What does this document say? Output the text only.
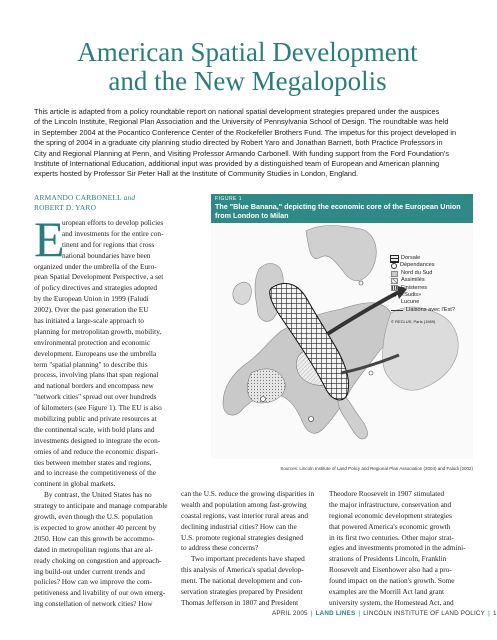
American Spatial Development
and the New Megalopolis
This article is adapted from a policy roundtable report on national spatial development strategies prepared under the auspices
of the Lincoln Institute, Regional Plan Association and the University of Pennsylvania School of Design. The roundtable was held
in September 2004 at the Pocantico Conference Center of the Rockefeller Brothers Fund. The impetus for this project developed in
the spring of 2004 in a graduate city planning studio directed by Robert Yaro and Jonathan Barnett, both Practice Professors in
City and Regional Planning at Penn, and Visiting Professor Armando Carbonell. With funding support from the Ford Foundation's
Institute of International Education, additional input was provided by a distinguished team of European and American planning
experts hosted by Professor Sir Peter Hall at the Institute of Community Studies in London, England.
ARMANDO CARBONELL and
ROBERT D. YARO
E
uropean efforts to develop policies
and investments for the entire con-
tinent and for regions that cross
national boundaries have been
organized under the umbrella of the Euro-
pean Spatial Development Perspective, a set
of policy directives and strategies adopted
by the European Union in 1999 (Faludi
2002). Over the past generation the EU
has initiated a large-scale approach to
planning for metropolitan growth, mobility,
environmental protection and economic
development. Europeans use the umbrella
term "spatial planning" to describe this
process, involving plans that span regional
and national borders and encompass new
"network cities" spread out over hundreds
of kilometers (see Figure 1). The EU is also
mobilizing public and private resources at
the continental scale, with bold plans and
investments designed to integrate the econ-
omies of and reduce the economic dispari-
ties between member states and regions,
and to increase the competitiveness of the
continent in global markets.
By contrast, the United States has no
strategy to anticipate and manage comparable
growth, even though the U.S. population
is expected to grow another 40 percent by
2050. How can this growth be accommo-
dated in metropolitan regions that are al-
ready choking on congestion and approach-
ing build-out under current trends and
policies? How can we improve the com-
petitiveness and livability of our own emerg-
ing constellation of network cities? How
FIGURE 1
The "Blue Banana," depicting the economic core of the European Union
from London to Milan
Dorsale
Dépendances
Nord du Sud
Assimilés
Finisterres
★ «Sudis»
Lucune
Liaisons avec l'Est?
© RECLUS, Paris (1989)
Sources: Lincoln Institute of Land Policy and Regional Plan Association (2004) and Faludi (2002)
can the U.S. reduce the growing disparities in
wealth and population among fast-growing
coastal regions, vast interior rural areas and
declining industrial cities? How can the
U.S. promote regional strategies designed
to address these concerns?
Two important precedents have shaped
this analysis of America's spatial develop-
ment. The national development and con-
servation strategies prepared by President
Thomas Jefferson in 1807 and President
Theodore Roosevelt in 1907 stimulated
the major infrastructure, conservation and
regional economic development strategies
that powered America's economic growth
in its first two centuries. Other major strat-
egies and investments promoted in the admini-
strations of Presidents Lincoln, Franklin
Roosevelt and Eisenhower also had a pro-
found impact on the nation's growth. Some
examples are the Morrill Act land grant
university system, the Homestead Act, and
APRIL 2005 | LAND LINES | LINCOLN INSTITUTE OF LAND POLICY | 1
